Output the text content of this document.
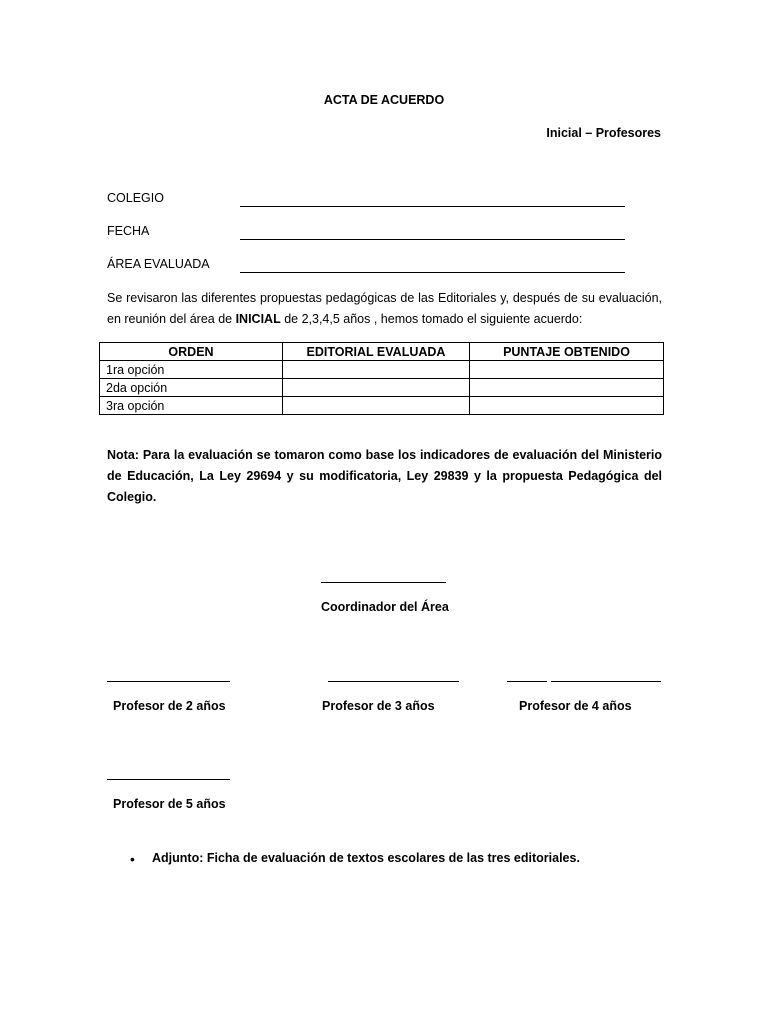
ACTA DE ACUERDO
Inicial – Profesores
COLEGIO
FECHA
ÁREA EVALUADA
Se revisaron las diferentes propuestas pedagógicas de las Editoriales y, después de su evaluación, en reunión del área de INICIAL de 2,3,4,5 años , hemos tomado el siguiente acuerdo:
ORDEN	EDITORIAL EVALUADA	PUNTAJE OBTENIDO
1ra opción		
2da opción		
3ra opción		
Nota: Para la evaluación se tomaron como base los indicadores de evaluación del Ministerio de Educación, La Ley 29694 y su modificatoria, Ley 29839 y la propuesta Pedagógica del Colegio.
Coordinador del Área
Profesor de 2 años	Profesor de 3 años	Profesor de 4 años
Profesor de 5 años
• Adjunto: Ficha de evaluación de textos escolares de las tres editoriales.
